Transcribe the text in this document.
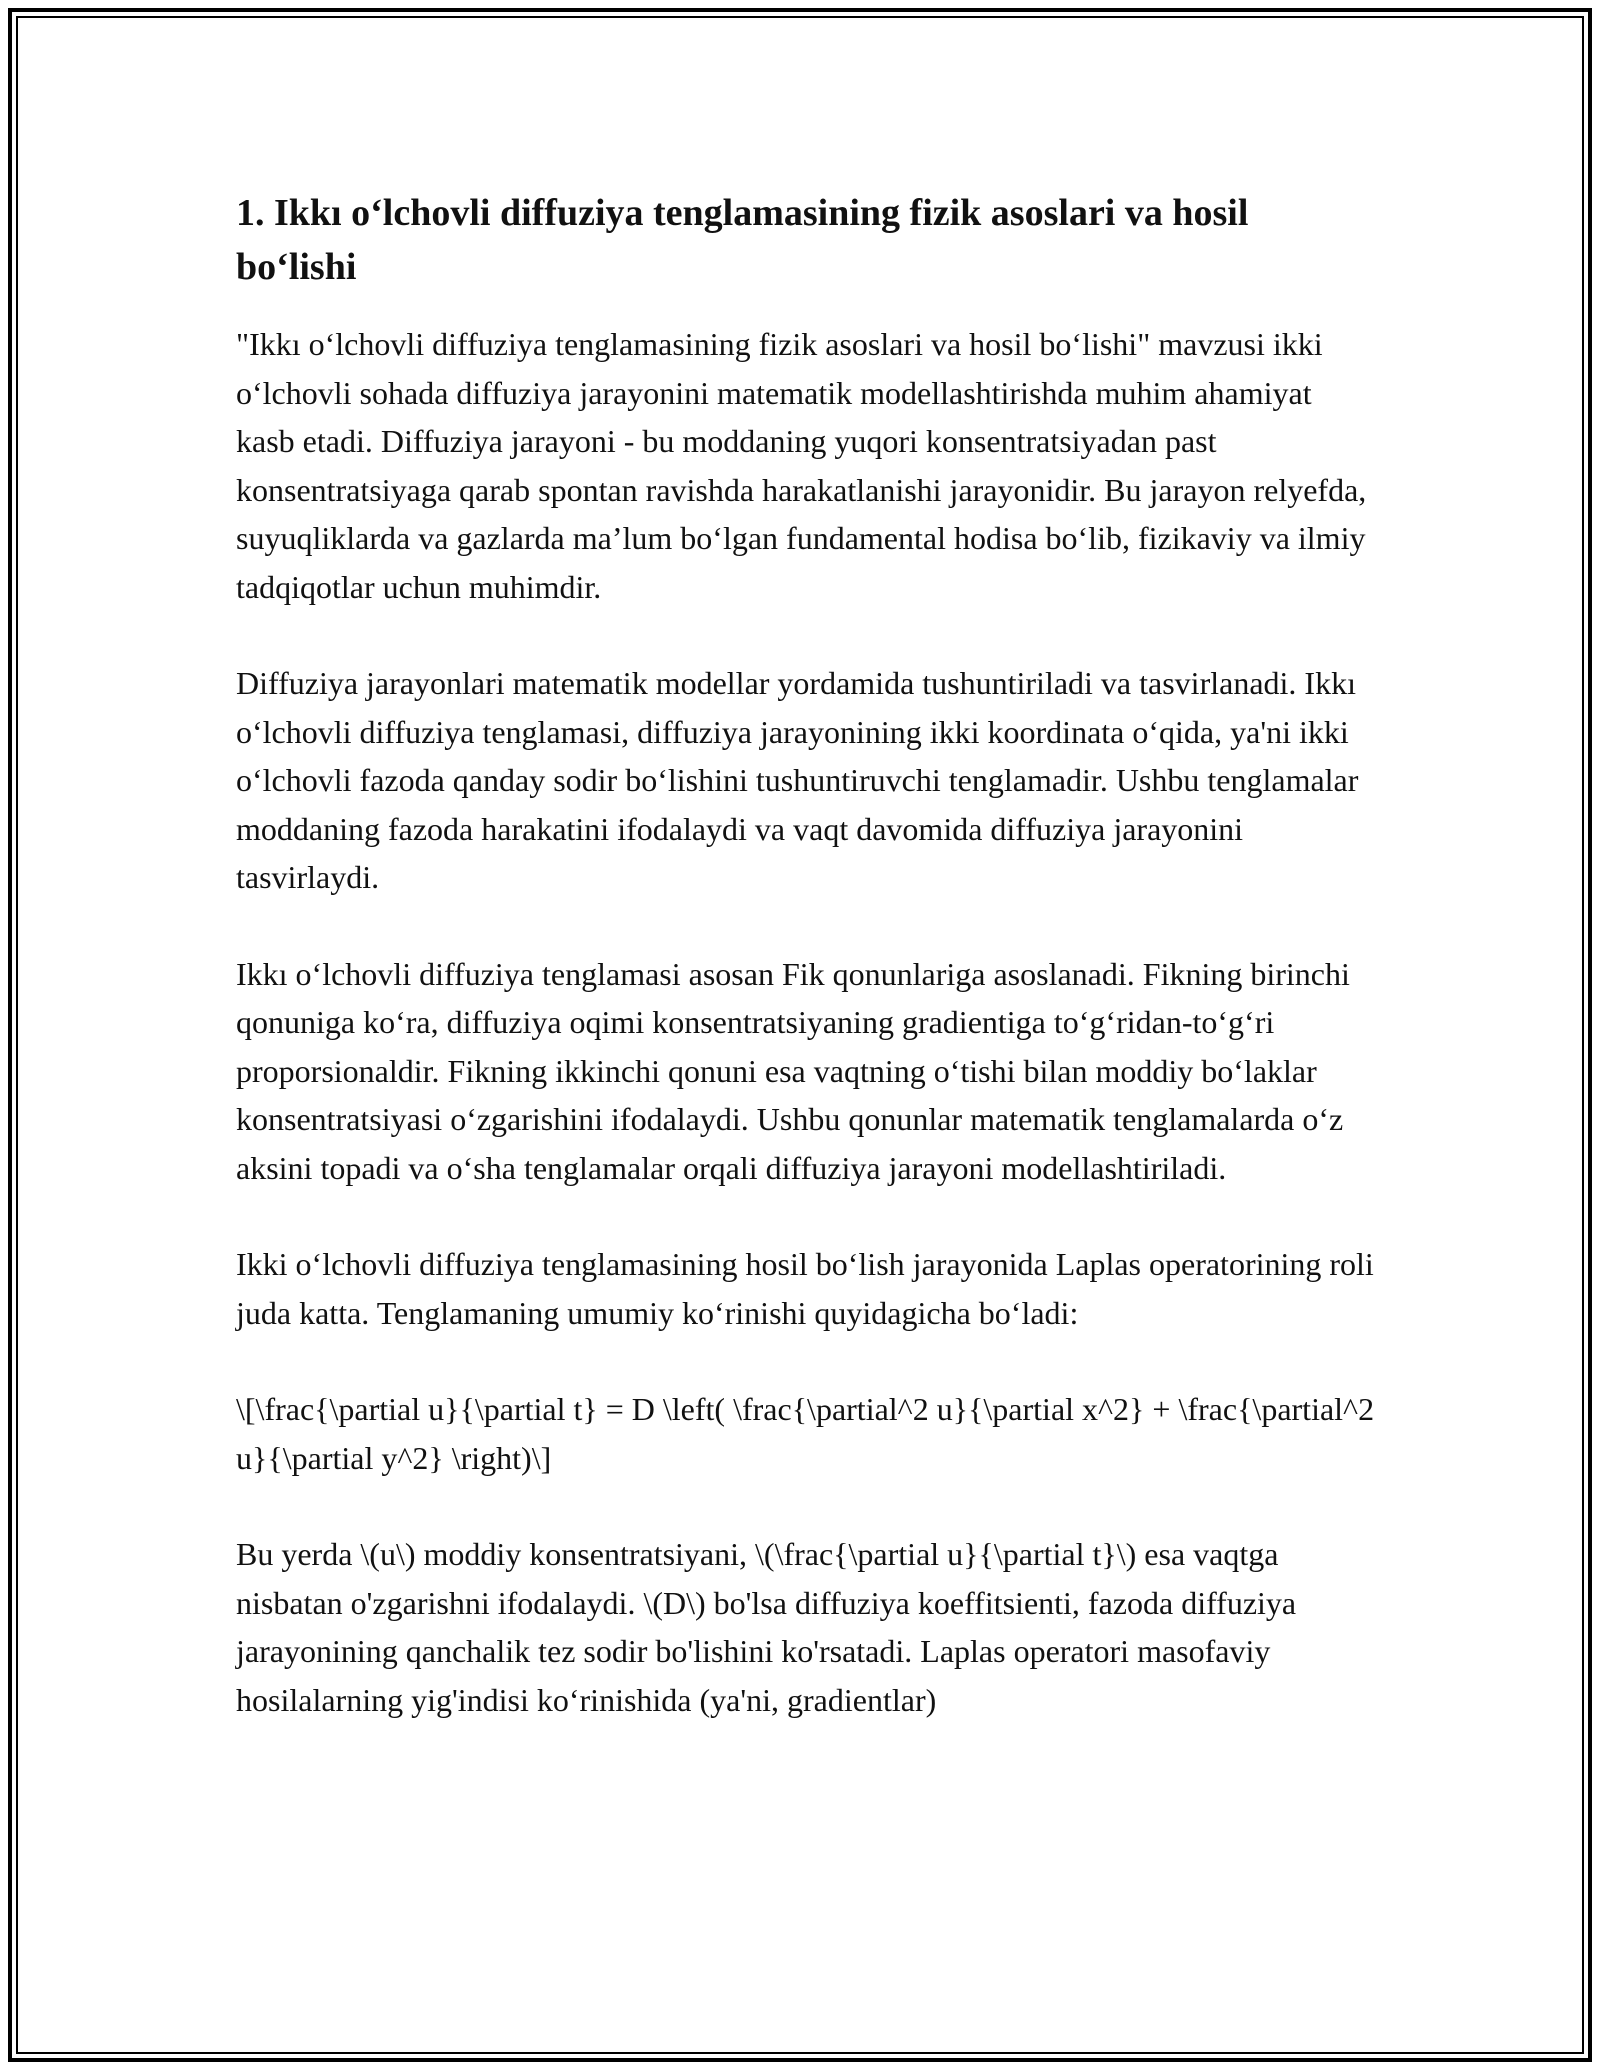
1. Ikkı o‘lchovli diffuziya tenglamasining fizik asoslari va hosil bo‘lishi

"Ikkı o‘lchovli diffuziya tenglamasining fizik asoslari va hosil bo‘lishi" mavzusi ikki o‘lchovli sohada diffuziya jarayonini matematik modellashtirishda muhim ahamiyat kasb etadi. Diffuziya jarayoni - bu moddaning yuqori konsentratsiyadan past konsentratsiyaga qarab spontan ravishda harakatlanishi jarayonidir. Bu jarayon relyefda, suyuqliklarda va gazlarda ma’lum bo‘lgan fundamental hodisa bo‘lib, fizikaviy va ilmiy tadqiqotlar uchun muhimdir.

Diffuziya jarayonlari matematik modellar yordamida tushuntiriladi va tasvirlanadi. Ikkı o‘lchovli diffuziya tenglamasi, diffuziya jarayonining ikki koordinata o‘qida, ya'ni ikki o‘lchovli fazoda qanday sodir bo‘lishini tushuntiruvchi tenglamadir. Ushbu tenglamalar moddaning fazoda harakatini ifodalaydi va vaqt davomida diffuziya jarayonini tasvirlaydi.

Ikkı o‘lchovli diffuziya tenglamasi asosan Fik qonunlariga asoslanadi. Fikning birinchi qonuniga ko‘ra, diffuziya oqimi konsentratsiyaning gradientiga to‘g‘ridan-to‘g‘ri proporsionaldir. Fikning ikkinchi qonuni esa vaqtning o‘tishi bilan moddiy bo‘laklar konsentratsiyasi o‘zgarishini ifodalaydi. Ushbu qonunlar matematik tenglamalarda o‘z aksini topadi va o‘sha tenglamalar orqali diffuziya jarayoni modellashtiriladi.

Ikki o‘lchovli diffuziya tenglamasining hosil bo‘lish jarayonida Laplas operatorining roli juda katta. Tenglamaning umumiy ko‘rinishi quyidagicha bo‘ladi:

\[\frac{\partial u}{\partial t} = D \left( \frac{\partial^2 u}{\partial x^2} + \frac{\partial^2 u}{\partial y^2} \right)\]

Bu yerda \(u\) moddiy konsentratsiyani, \(\frac{\partial u}{\partial t}\) esa vaqtga nisbatan o'zgarishni ifodalaydi. \(D\) bo'lsa diffuziya koeffitsienti, fazoda diffuziya jarayonining qanchalik tez sodir bo'lishini ko'rsatadi. Laplas operatori masofaviy hosilalarning yig'indisi ko‘rinishida (ya'ni, gradientlar)
